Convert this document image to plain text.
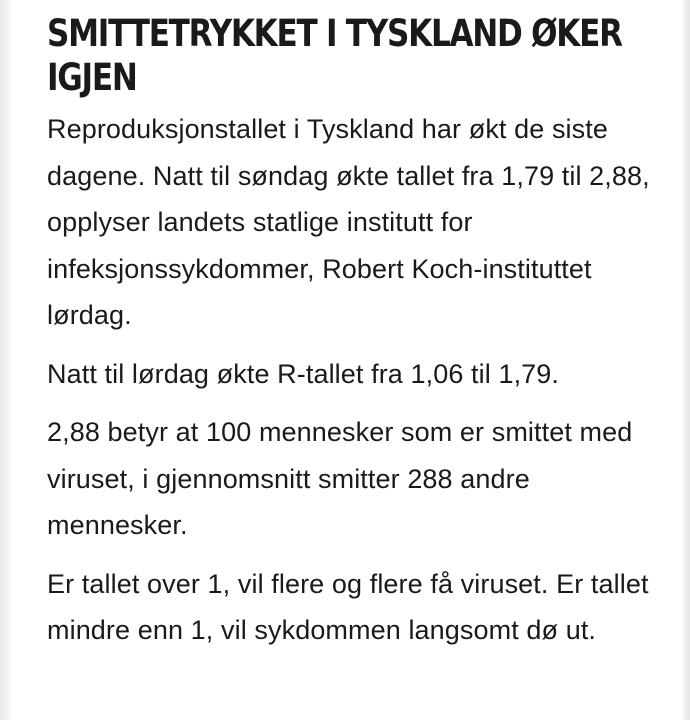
SMITTETRYKKET I TYSKLAND ØKER IGJEN

Reproduksjonstallet i Tyskland har økt de siste dagene. Natt til søndag økte tallet fra 1,79 til 2,88, opplyser landets statlige institutt for infeksjonssykdommer, Robert Koch-instituttet lørdag.

Natt til lørdag økte R-tallet fra 1,06 til 1,79.

2,88 betyr at 100 mennesker som er smittet med viruset, i gjennomsnitt smitter 288 andre mennesker.

Er tallet over 1, vil flere og flere få viruset. Er tallet mindre enn 1, vil sykdommen langsomt dø ut.
